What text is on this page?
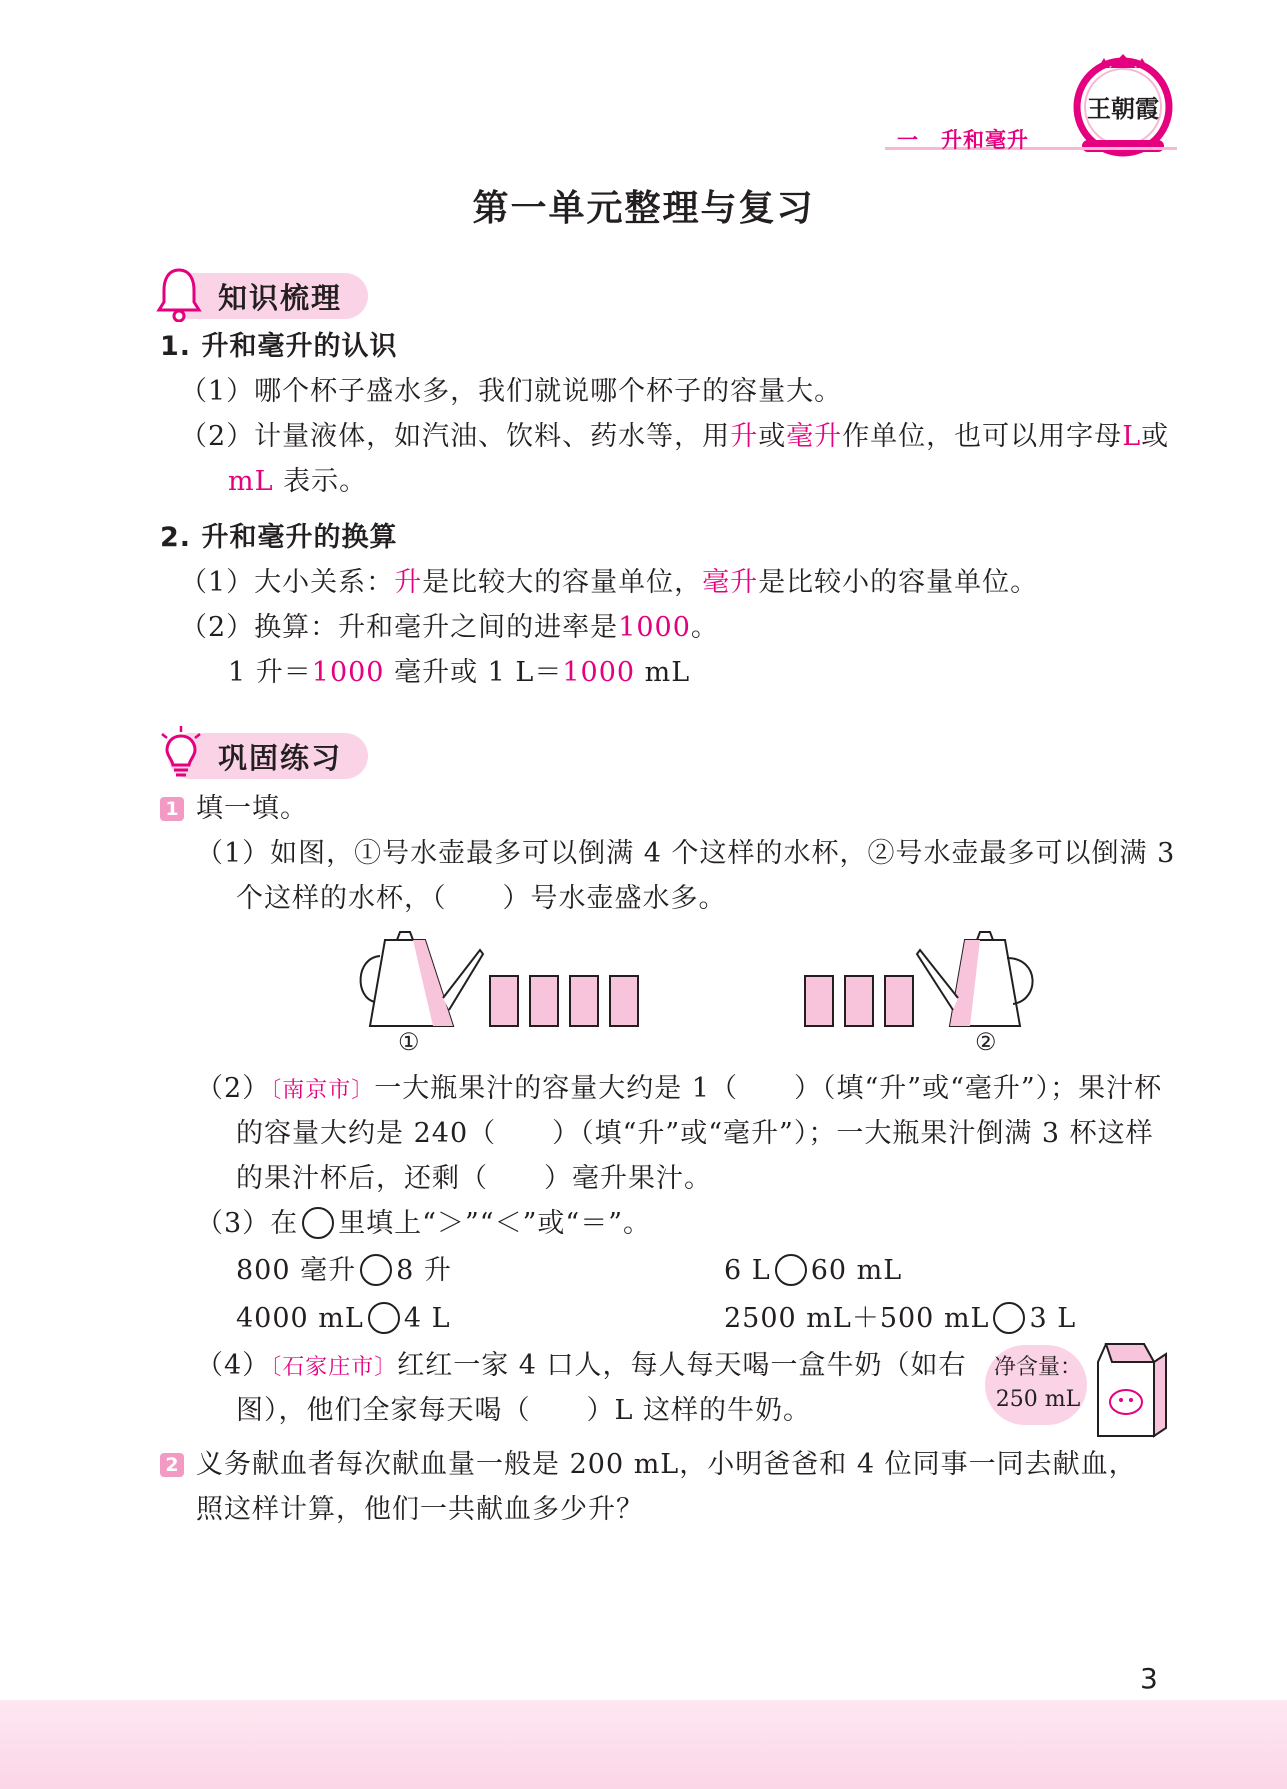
王朝霞
一　升和毫升
第一单元整理与复习
知识梳理
1. 升和毫升的认识
（1）哪个杯子盛水多，我们就说哪个杯子的容量大。
（2）计量液体，如汽油、饮料、药水等，用升或毫升作单位，也可以用字母L或
mL 表示。
2. 升和毫升的换算
（1）大小关系：升是比较大的容量单位，毫升是比较小的容量单位。
（2）换算：升和毫升之间的进率是1000。
1 升＝1000 毫升或 1 L＝1000 mL
巩固练习
1 填一填。
（1）如图，①号水壶最多可以倒满 4 个这样的水杯，②号水壶最多可以倒满 3
个这样的水杯，（　　）号水壶盛水多。
①	②
（2）〔南京市〕一大瓶果汁的容量大约是 1（　　）（填“升”或“毫升”）；果汁杯
的容量大约是 240（　　）（填“升”或“毫升”）；一大瓶果汁倒满 3 杯这样
的果汁杯后，还剩（　　）毫升果汁。
（3）在 里填上“＞”“＜”或“＝”。
800 毫升 8 升	6 L 60 mL
4000 mL 4 L	2500 mL＋500 mL 3 L
（4）〔石家庄市〕红红一家 4 口人，每人每天喝一盒牛奶（如右
图），他们全家每天喝（　　）L 这样的牛奶。
净含量：
250 mL
2 义务献血者每次献血量一般是 200 mL，小明爸爸和 4 位同事一同去献血，
照这样计算，他们一共献血多少升？
3
